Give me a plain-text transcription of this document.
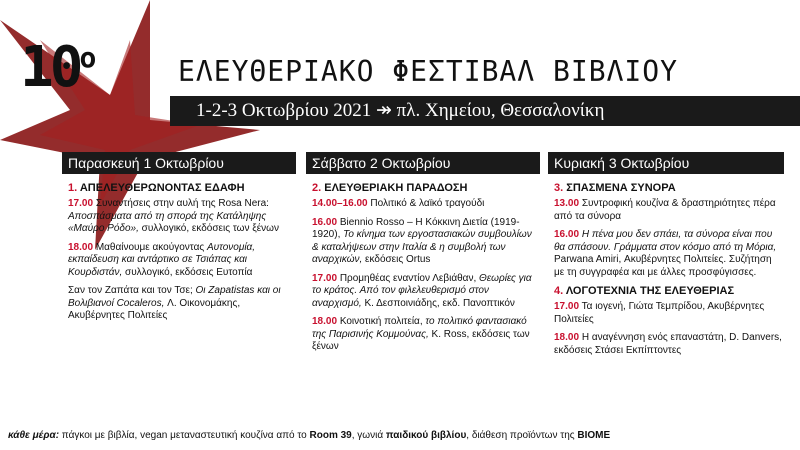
10$^o$	ΕΛΕΥΘΕΡΙΑΚΟ ΦΕΣΤΙΒΑΛ ΒΙΒΛΙΟΥ
1-2-3 Οκτωβρίου 2021 ↠ πλ. Χημείου, Θεσσαλονίκη
Παρασκευή 1 Οκτωβρίου
1. ΑΠΕΛΕΥΘΕΡΩΝΟΝΤΑΣ ΕΔΑΦΗ
17.00 Συναντήσεις στην αυλή της Rosa Nera: Αποσπάσματα από τη σπορά της Κατάληψης «Μαύρο Ρόδο», συλλογικό, εκδόσεις των ξένων
18.00 Μαθαίνουμε ακούγοντας Αυτονομία, εκπαίδευση και αντάρτικο σε Τσιάπας και Κουρδιστάν, συλλογικό, εκδόσεις Ευτοπία
Σαν τον Ζαπάτα και τον Τσε; Οι Zapatistas και οι Βολιβιανοί Cocaleros, Λ. Οικονομάκης, Ακυβέρνητες Πολιτείες
Σάββατο 2 Οκτωβρίου
2. ΕΛΕΥΘΕΡΙΑΚΗ ΠΑΡΑΔΟΣΗ
14.00–16.00 Πολιτικό & λαϊκό τραγούδι
16.00 Biennio Rosso – Η Κόκκινη Διετία (1919-1920), Το κίνημα των εργοστασιακών συμβουλίων & καταλήψεων στην Ιταλία & η συμβολή των αναρχικών, εκδόσεις Ortus
17.00 Προμηθέας εναντίον Λεβιάθαν, Θεωρίες για το κράτος. Από τον φιλελευθερισμό στον αναρχισμό, Κ. Δεσποινιάδης, εκδ. Πανοπτικόν
18.00 Κοινοτική πολιτεία, το πολιτικό φαντασιακό της Παρισινής Κομμούνας, K. Ross, εκδόσεις των ξένων
Κυριακή 3 Οκτωβρίου
3. ΣΠΑΣΜΕΝΑ ΣΥΝΟΡΑ
13.00 Συντροφική κουζίνα & δραστηριότητες πέρα από τα σύνορα
16.00 Η πένα μου δεν σπάει, τα σύνορα είναι που θα σπάσουν. Γράμματα στον κόσμο από τη Μόρια, Parwana Amiri, Ακυβέρνητες Πολιτείες. Συζήτηση με τη συγγραφέα και με άλλες προσφύγισσες.
4. ΛΟΓΟΤΕΧΝΙΑ ΤΗΣ ΕΛΕΥΘΕΡΙΑΣ
17.00 Τα ιογενή, Γιώτα Τεμπρίδου, Ακυβέρνητες Πολιτείες
18.00 Η αναγέννηση ενός επαναστάτη, D. Danvers, εκδόσεις Στάσει Εκπίπτοντες
κάθε μέρα: πάγκοι με βιβλία, vegan μεταναστευτική κουζίνα από το Room 39, γωνιά παιδικού βιβλίου, διάθεση προϊόντων της BIOME
